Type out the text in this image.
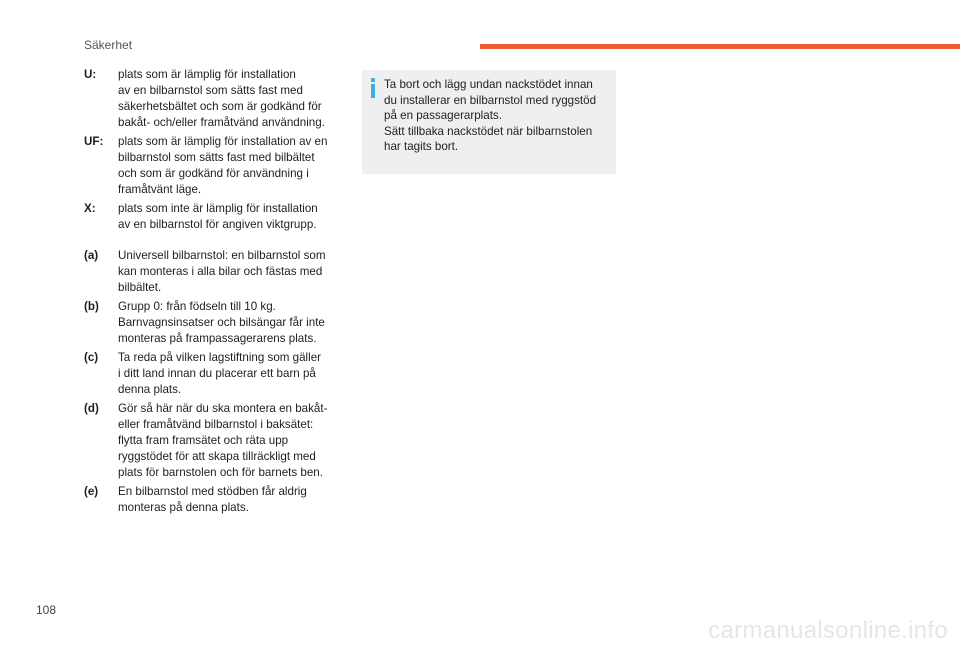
Säkerhet
U:	plats som är lämplig för installation
av en bilbarnstol som sätts fast med
säkerhetsbältet och som är godkänd för
bakåt- och/eller framåtvänd användning.
UF:	plats som är lämplig för installation av en
bilbarnstol som sätts fast med bilbältet
och som är godkänd för användning i
framåtvänt läge.
X:	plats som inte är lämplig för installation
av en bilbarnstol för angiven viktgrupp.
(a)	Universell bilbarnstol: en bilbarnstol som
kan monteras i alla bilar och fästas med
bilbältet.
(b)	Grupp 0: från födseln till 10 kg.
Barnvagnsinsatser och bilsängar får inte
monteras på frampassagerarens plats.
(c)	Ta reda på vilken lagstiftning som gäller
i ditt land innan du placerar ett barn på
denna plats.
(d)	Gör så här när du ska montera en bakåt-
eller framåtvänd bilbarnstol i baksätet:
flytta fram framsätet och räta upp
ryggstödet för att skapa tillräckligt med
plats för barnstolen och för barnets ben.
(e)	En bilbarnstol med stödben får aldrig
monteras på denna plats.
Ta bort och lägg undan nackstödet innan
du installerar en bilbarnstol med ryggstöd
på en passagerarplats.
Sätt tillbaka nackstödet när bilbarnstolen
har tagits bort.
108
carmanualsonline.info
